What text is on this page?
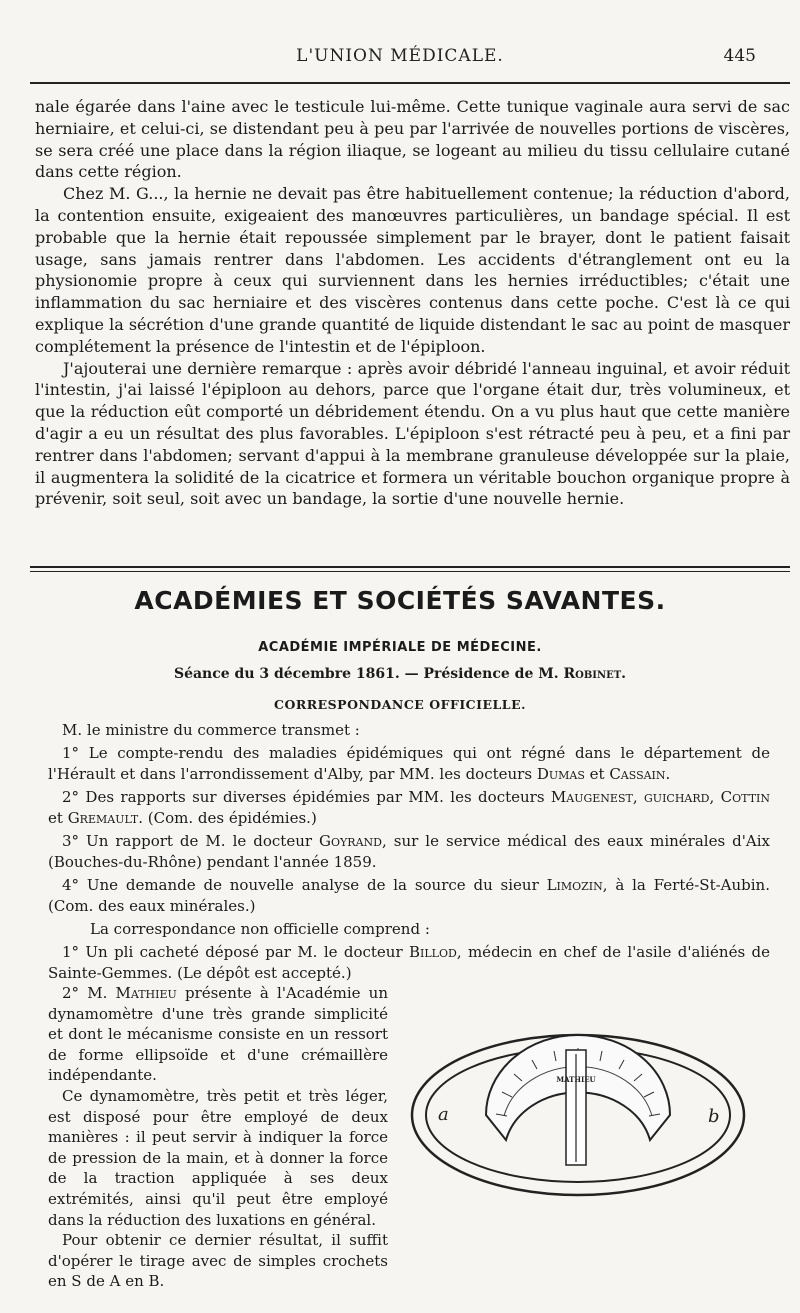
L'UNION MÉDICALE.	445

nale égarée dans l'aine avec le testicule lui-même. Cette tunique vaginale aura servi de sac herniaire, et celui-ci, se distendant peu à peu par l'arrivée de nouvelles portions de viscères, se sera créé une place dans la région iliaque, se logeant au milieu du tissu cellulaire cutané dans cette région.

Chez M. G..., la hernie ne devait pas être habituellement contenue; la réduction d'abord, la contention ensuite, exigeaient des manœuvres particulières, un bandage spécial. Il est probable que la hernie était repoussée simplement par le brayer, dont le patient faisait usage, sans jamais rentrer dans l'abdomen. Les accidents d'étranglement ont eu la physionomie propre à ceux qui surviennent dans les hernies irréductibles; c'était une inflammation du sac herniaire et des viscères contenus dans cette poche. C'est là ce qui explique la sécrétion d'une grande quantité de liquide distendant le sac au point de masquer complétement la présence de l'intestin et de l'épiploon.

J'ajouterai une dernière remarque : après avoir débridé l'anneau inguinal, et avoir réduit l'intestin, j'ai laissé l'épiploon au dehors, parce que l'organe était dur, très volumineux, et que la réduction eût comporté un débridement étendu. On a vu plus haut que cette manière d'agir a eu un résultat des plus favorables. L'épiploon s'est rétracté peu à peu, et a fini par rentrer dans l'abdomen; servant d'appui à la membrane granuleuse développée sur la plaie, il augmentera la solidité de la cicatrice et formera un véritable bouchon organique propre à prévenir, soit seul, soit avec un bandage, la sortie d'une nouvelle hernie.

ACADÉMIES ET SOCIÉTÉS SAVANTES.
ACADÉMIE IMPÉRIALE DE MÉDECINE.
Séance du 3 décembre 1861. — Présidence de M. Robinet.
CORRESPONDANCE OFFICIELLE.

M. le ministre du commerce transmet :

1° Le compte-rendu des maladies épidémiques qui ont régné dans le département de l'Hérault et dans l'arrondissement d'Alby, par MM. les docteurs Dumas et Cassain.

2° Des rapports sur diverses épidémies par MM. les docteurs Maugenest, guichard, Cottin et Gremault. (Com. des épidémies.)

3° Un rapport de M. le docteur Goyrand, sur le service médical des eaux minérales d'Aix (Bouches-du-Rhône) pendant l'année 1859.

4° Une demande de nouvelle analyse de la source du sieur Limozin, à la Ferté-St-Aubin. (Com. des eaux minérales.)

La correspondance non officielle comprend :

1° Un pli cacheté déposé par M. le docteur Billod, médecin en chef de l'asile d'aliénés de Sainte-Gemmes. (Le dépôt est accepté.)

2° M. Mathieu présente à l'Académie un dynamomètre d'une très grande simplicité et dont le mécanisme consiste en un ressort de forme ellipsoïde et d'une crémaillère indépendante.

Ce dynamomètre, très petit et très léger, est disposé pour être employé de deux manières : il peut servir à indiquer la force de pression de la main, et à donner la force de la traction appliquée à ses deux extrémités, ainsi qu'il peut être employé dans la réduction des luxations en général.

Pour obtenir ce dernier résultat, il suffit d'opérer le tirage avec de simples crochets en S de A en B.

MATHIEU
a	b
